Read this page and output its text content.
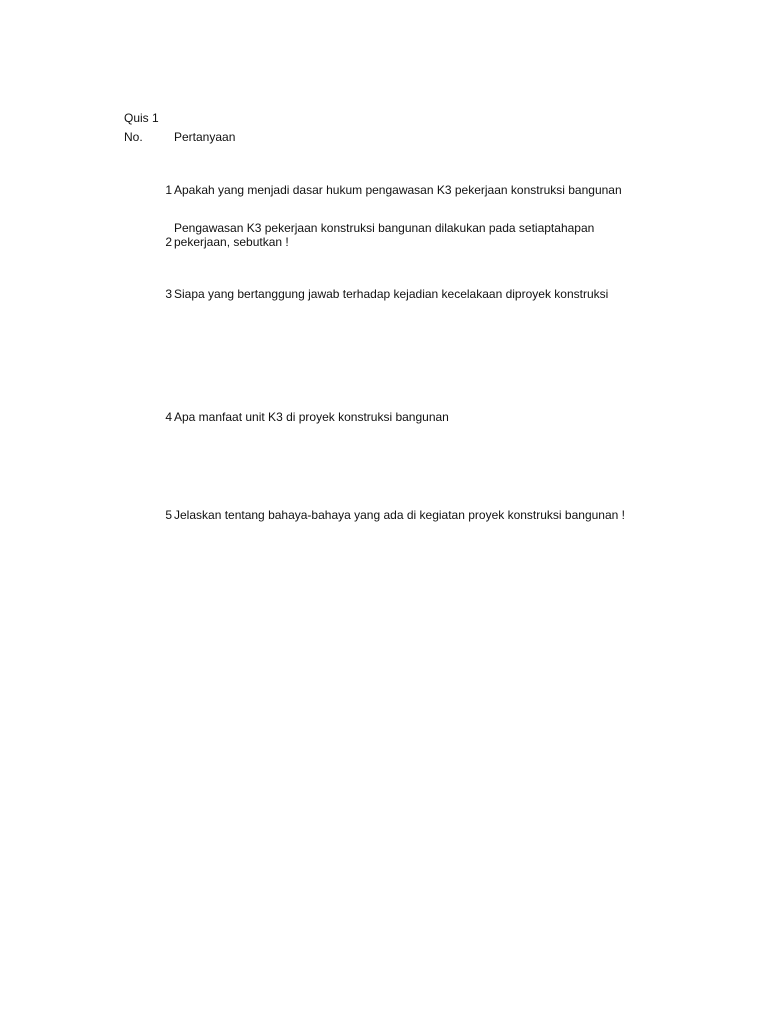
Quis 1
No.	Pertanyaan
1 Apakah yang menjadi dasar hukum pengawasan K3 pekerjaan konstruksi bangunan
Pengawasan K3 pekerjaan konstruksi bangunan dilakukan pada setiaptahapan
2 pekerjaan, sebutkan !
3 Siapa yang bertanggung jawab terhadap kejadian kecelakaan diproyek konstruksi
4 Apa manfaat unit K3 di proyek konstruksi bangunan
5 Jelaskan tentang bahaya-bahaya yang ada di kegiatan proyek konstruksi bangunan !
